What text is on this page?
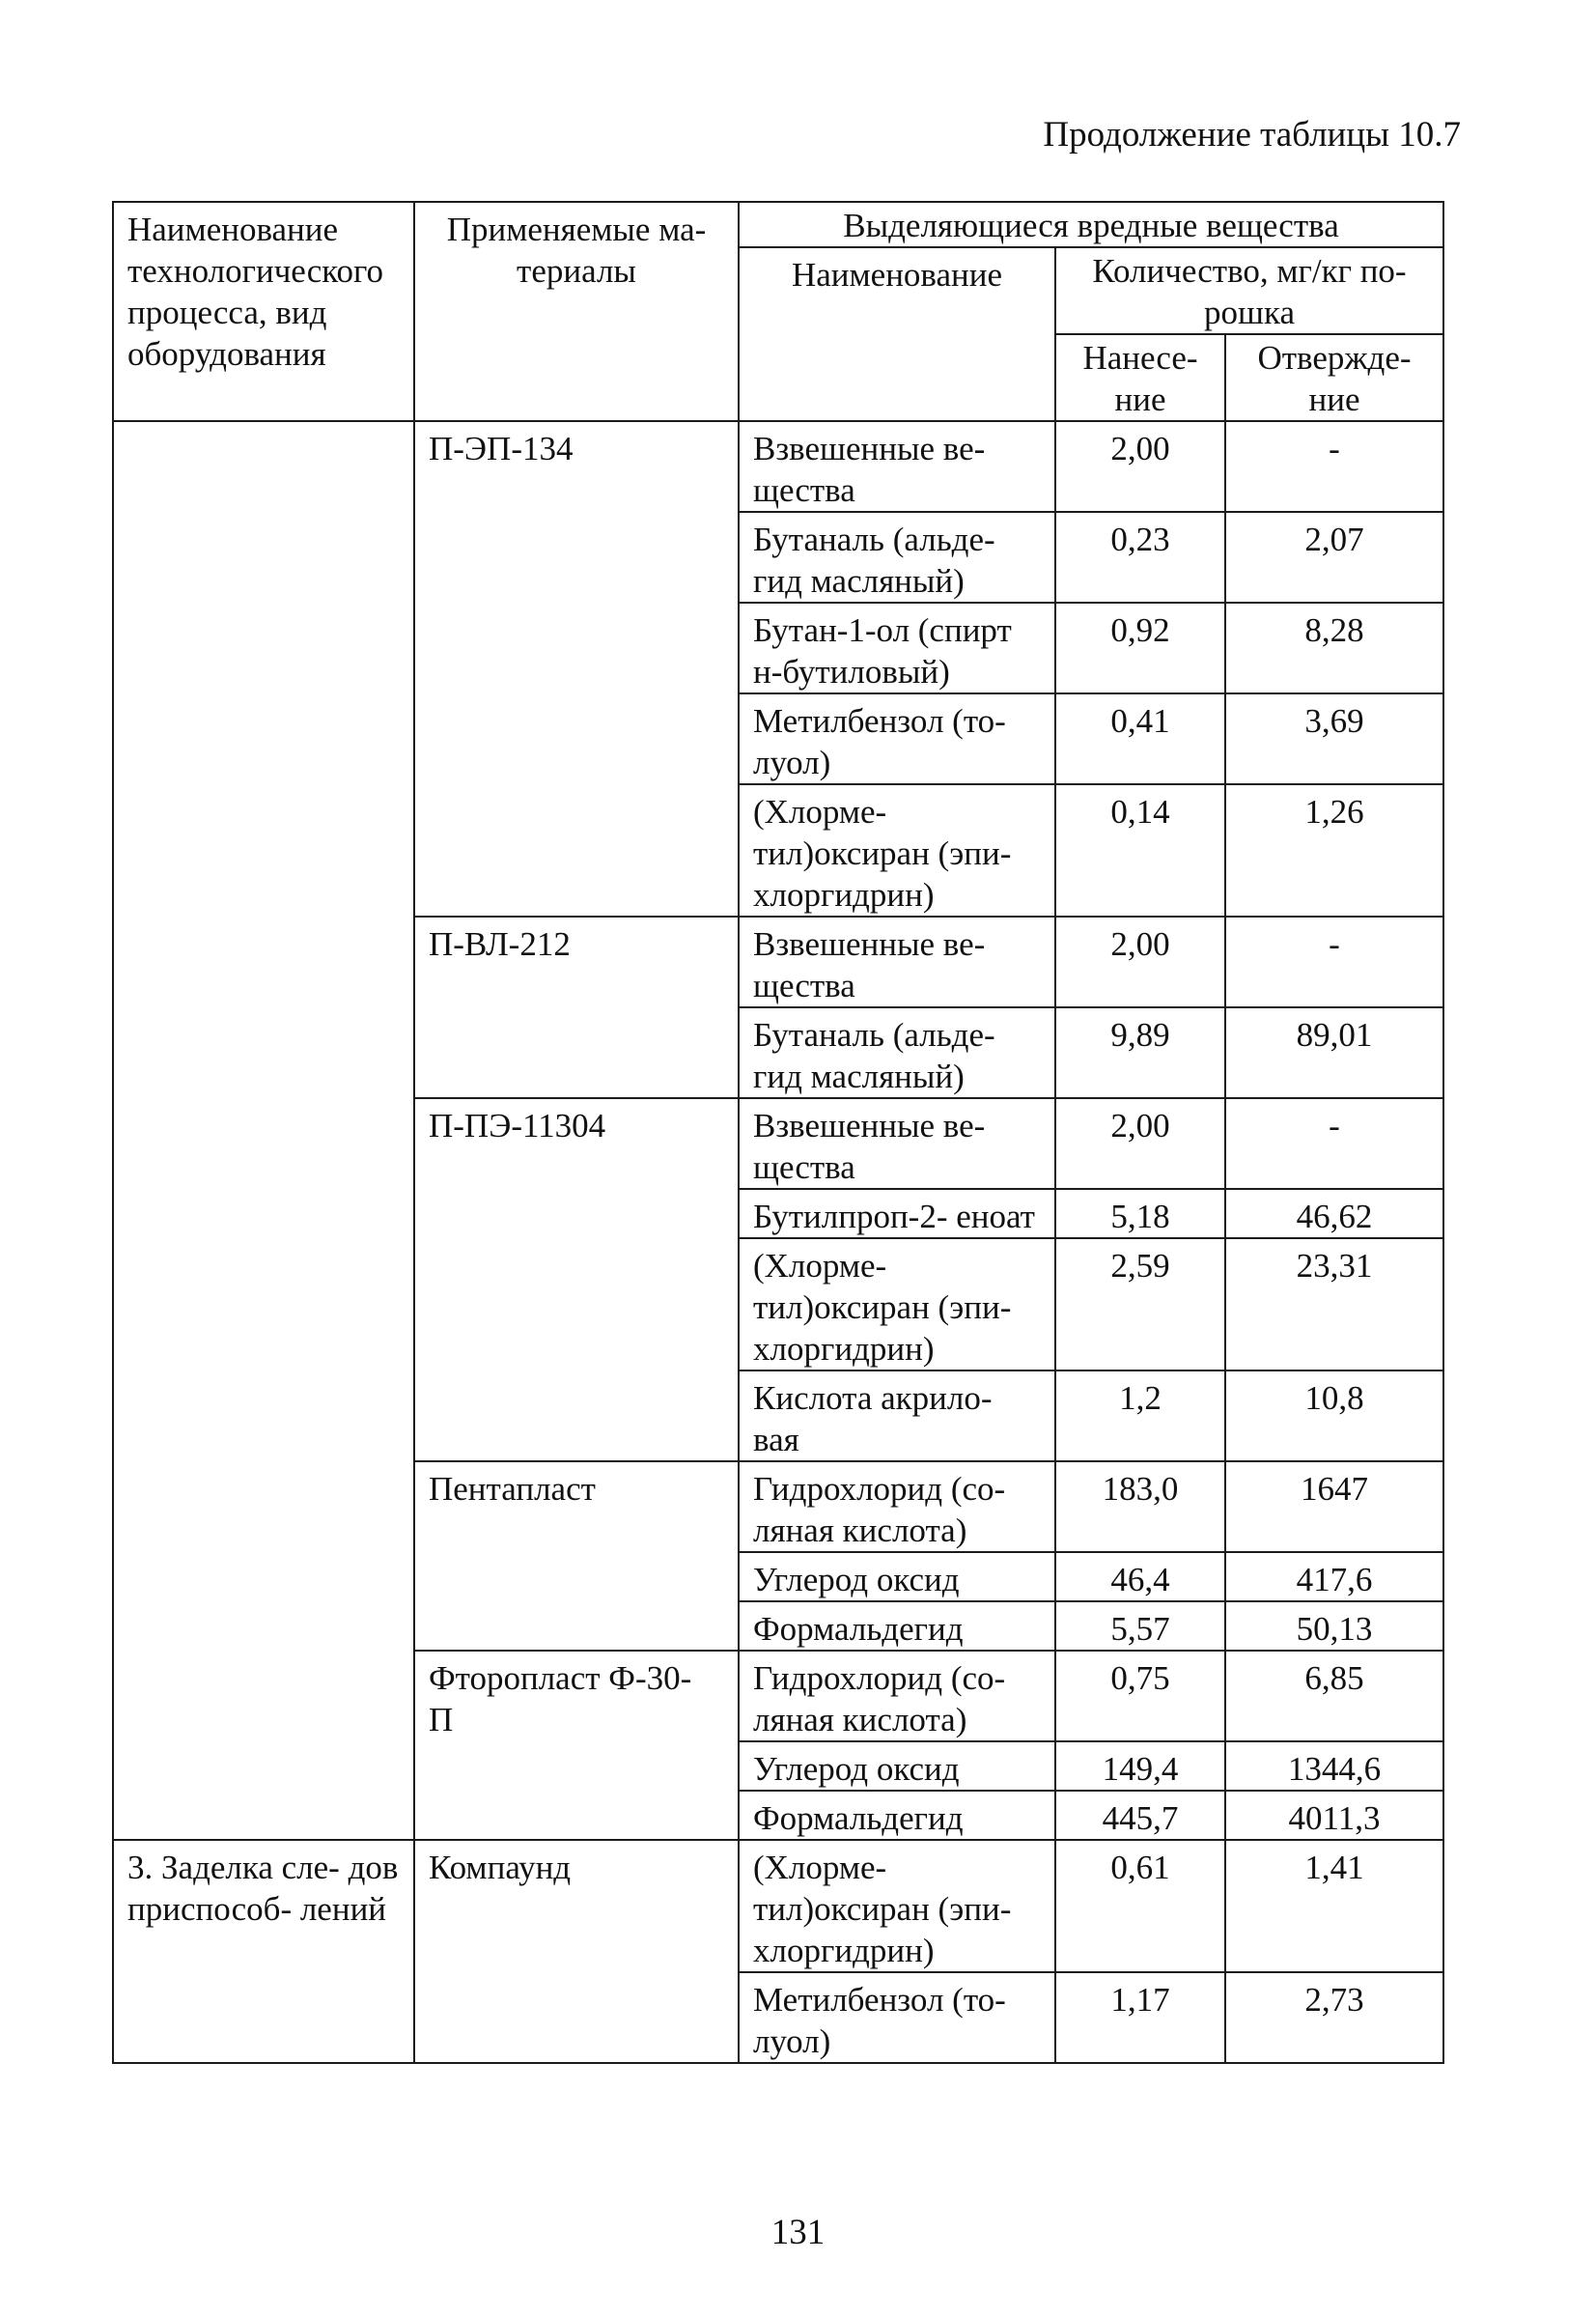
Продолжение таблицы 10.7
Наименование технологического процесса, вид оборудования	Применяемые ма- териалы	Выделяющиеся вредные вещества		
		Наименование	Количество, мг/кг по- рошка	
			Нанесе- ние	Отвержде- ние
	П-ЭП-134	Взвешенные ве- щества	2,00	-
		Бутаналь (альде- гид масляный)	0,23	2,07
		Бутан-1-ол (спирт н-бутиловый)	0,92	8,28
		Метилбензол (то- луол)	0,41	3,69
		(Хлорме- тил)оксиран (эпи- хлоргидрин)	0,14	1,26
	П-ВЛ-212	Взвешенные ве- щества	2,00	-
		Бутаналь (альде- гид масляный)	9,89	89,01
	П-ПЭ-11304	Взвешенные ве- щества	2,00	-
		Бутилпроп-2- еноат	5,18	46,62
		(Хлорме- тил)оксиран (эпи- хлоргидрин)	2,59	23,31
		Кислота акрило- вая	1,2	10,8
	Пентапласт	Гидрохлорид (со- ляная кислота)	183,0	1647
		Углерод оксид	46,4	417,6
		Формальдегид	5,57	50,13
	Фторопласт Ф-30- П	Гидрохлорид (со- ляная кислота)	0,75	6,85
		Углерод оксид	149,4	1344,6
		Формальдегид	445,7	4011,3
3. Заделка сле- дов приспособ- лений	Компаунд	(Хлорме- тил)оксиран (эпи- хлоргидрин)	0,61	1,41
		Метилбензол (то- луол)	1,17	2,73
131
